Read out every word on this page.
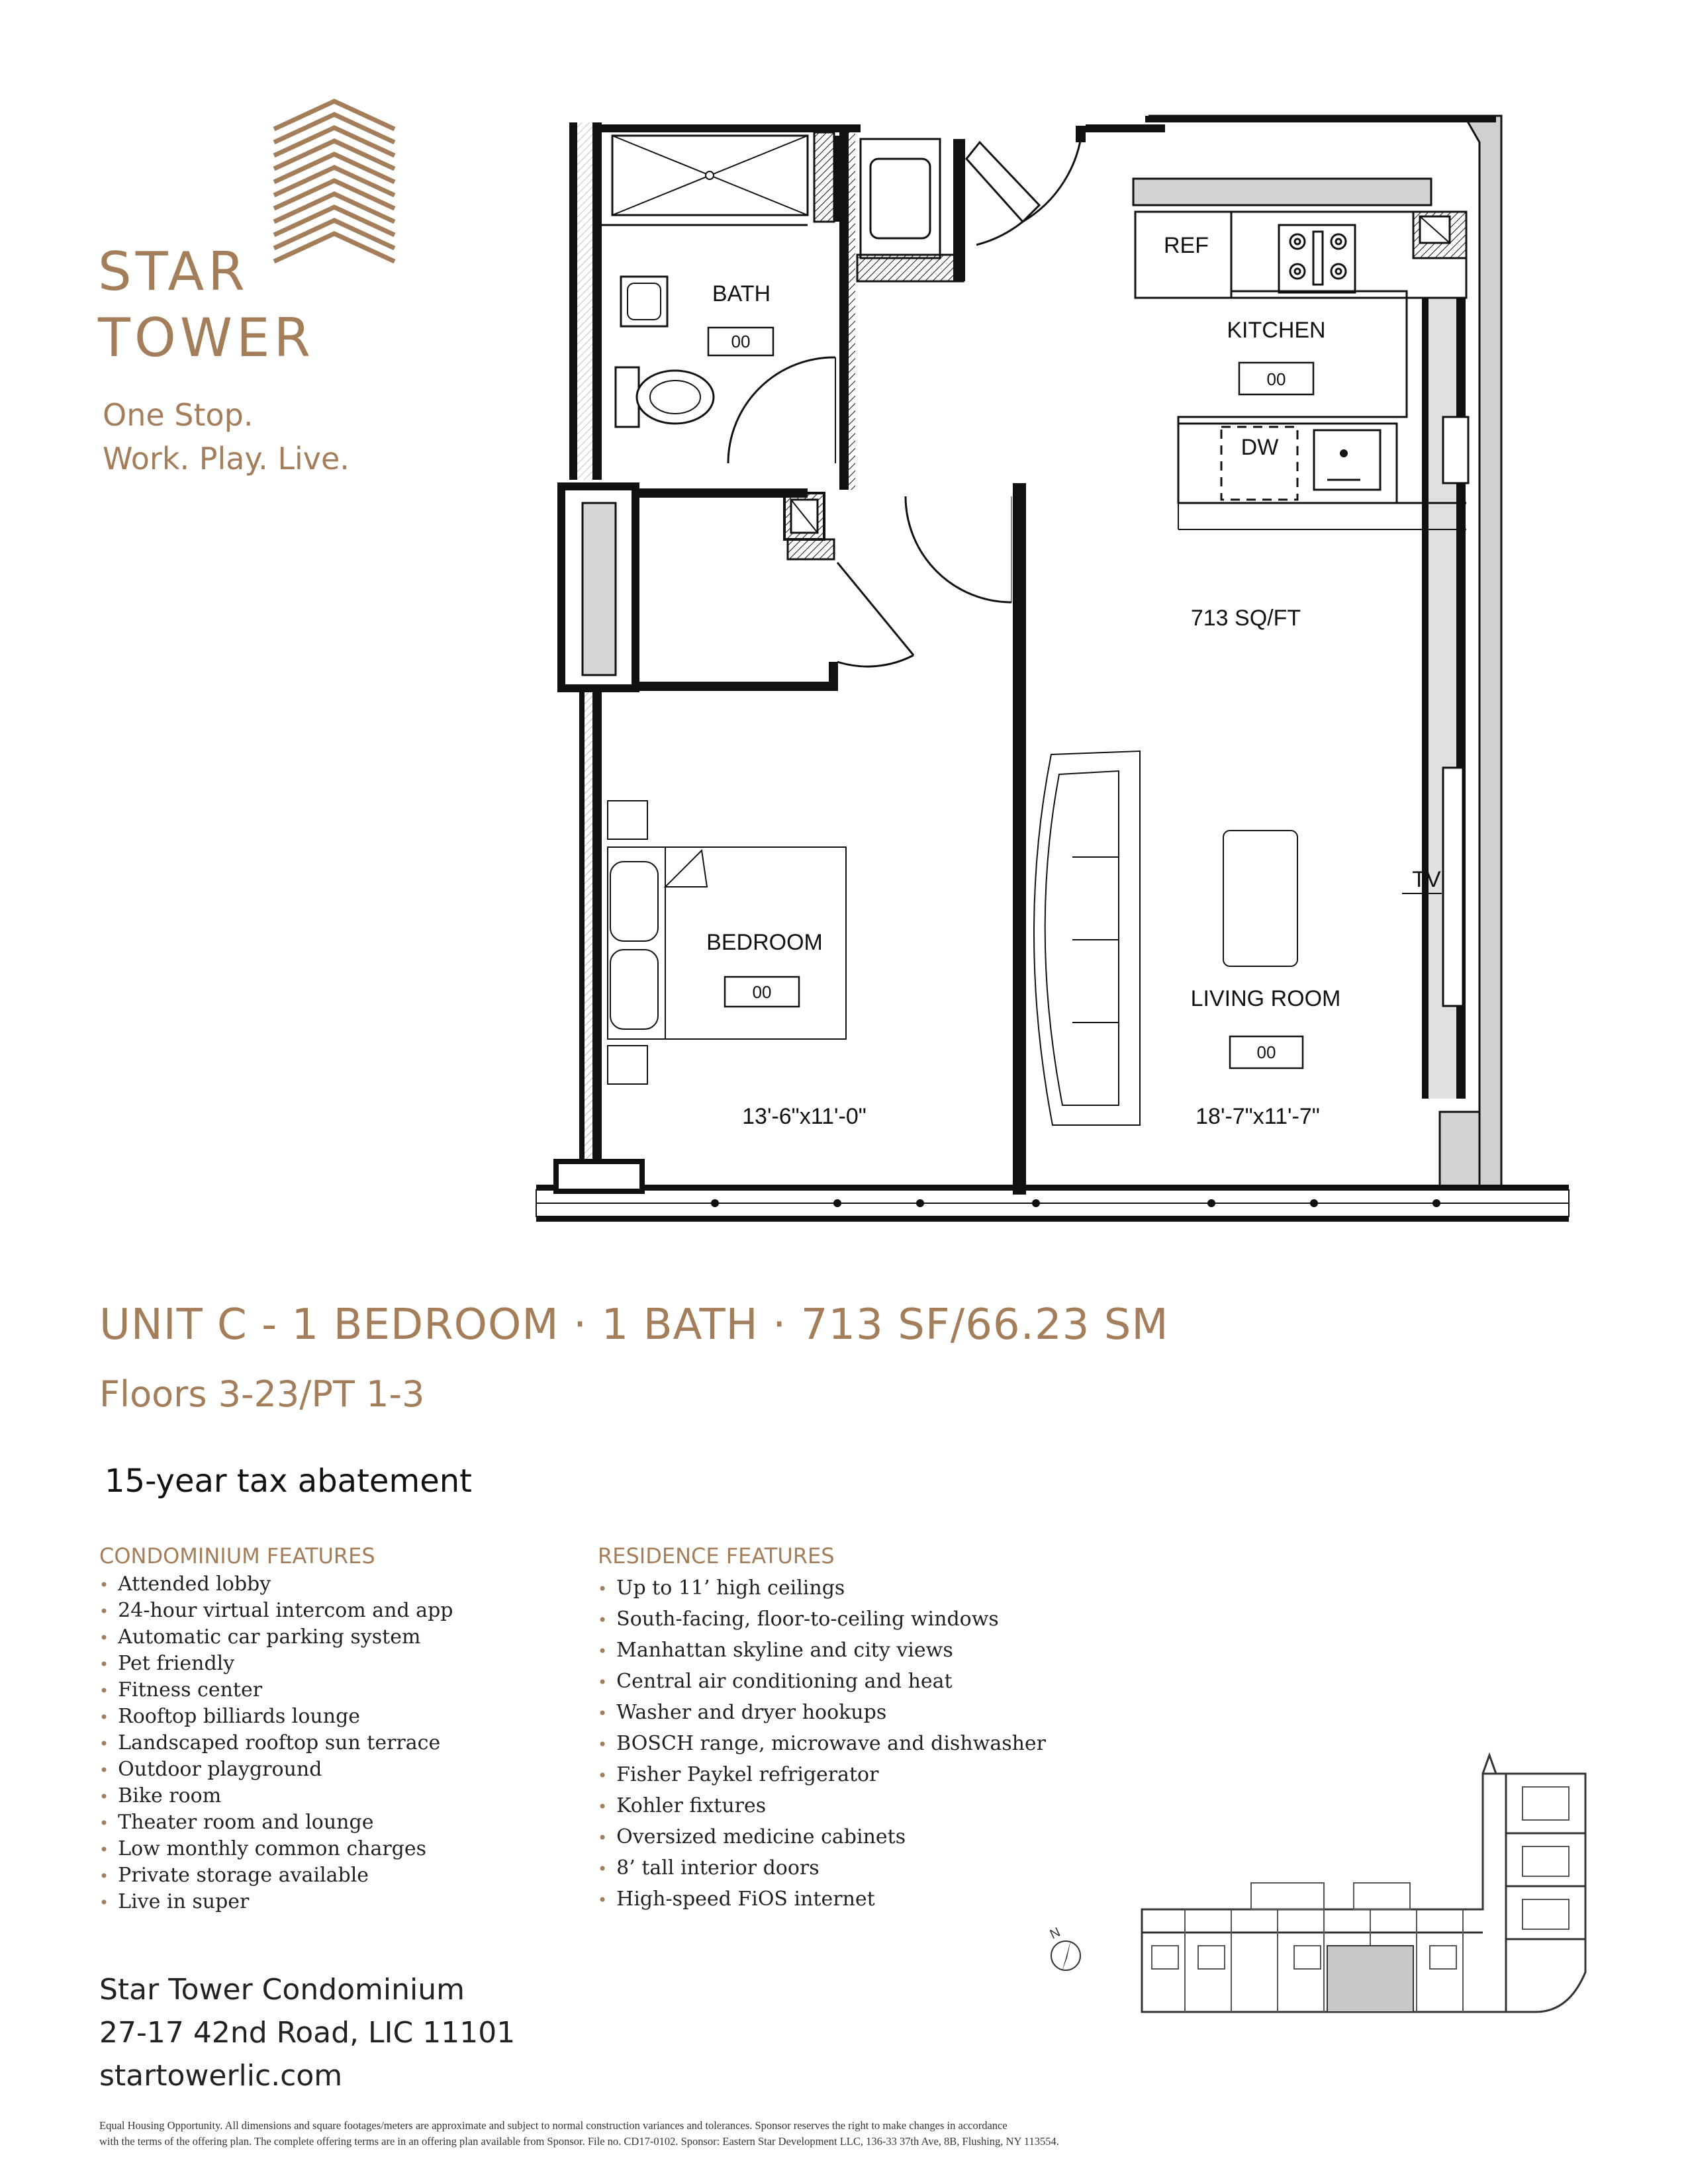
STAR
TOWER
One Stop.
Work. Play. Live.
REF
DW
TV
BATH
00	KITCHEN
00
713 SQ/FT
BEDROOM
00
13'-6"x11'-0"
LIVING ROOM
00
18'-7"x11'-7"
UNIT C - 1 BEDROOM · 1 BATH · 713 SF/66.23 SM
Floors 3-23/PT 1-3
15-year tax abatement
CONDOMINIUM FEATURES
• Attended lobby
• 24-hour virtual intercom and app
• Automatic car parking system
• Pet friendly
• Fitness center
• Rooftop billiards lounge
• Landscaped rooftop sun terrace
• Outdoor playground
• Bike room
• Theater room and lounge
• Low monthly common charges
• Private storage available
• Live in super
RESIDENCE FEATURES
• Up to 11’ high ceilings
• South-facing, floor-to-ceiling windows
• Manhattan skyline and city views
• Central air conditioning and heat
• Washer and dryer hookups
• BOSCH range, microwave and dishwasher
• Fisher Paykel refrigerator
• Kohler fixtures
• Oversized medicine cabinets
• 8’ tall interior doors
• High-speed FiOS internet
N
Star Tower Condominium
27-17 42nd Road, LIC 11101
startowerlic.com
Equal Housing Opportunity. All dimensions and square footages/meters are approximate and subject to normal construction variances and tolerances. Sponsor reserves the right to make changes in accordance
with the terms of the offering plan. The complete offering terms are in an offering plan available from Sponsor. File no. CD17-0102. Sponsor: Eastern Star Development LLC, 136-33 37th Ave, 8B, Flushing, NY 113554.
